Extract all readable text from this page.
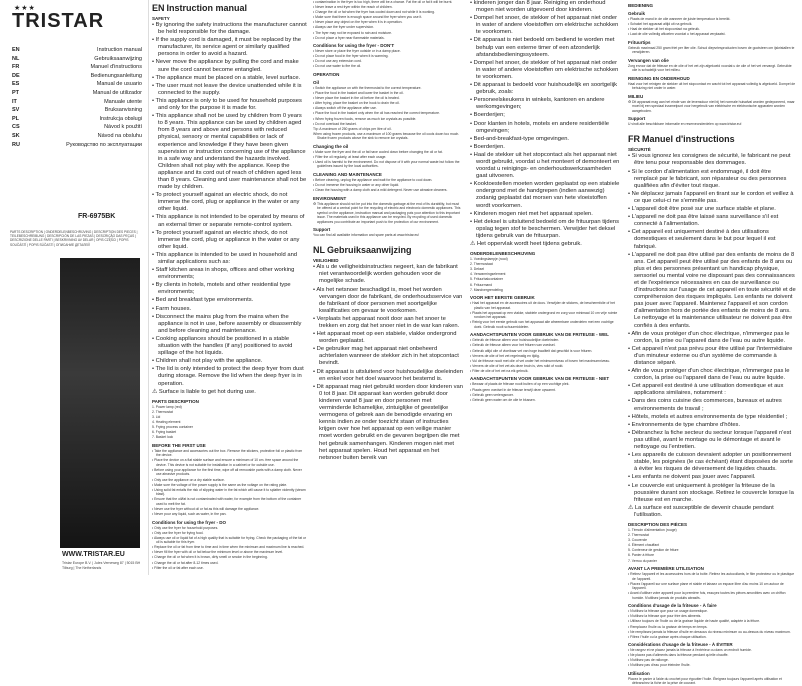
★★★
TRISTAR
EN	Instruction manual
NL	Gebruiksaanwijzing
FR	Manuel d'instructions
DE	Bedienungsanleitung
ES	Manual de usuario
PT	Manual de utilizador
IT	Manuale utente
SV	Bruksanvisning
PL	Instrukcja obsługi
CS	Návod k použití
SK	Návod na obsluhu
RU	Руководство по эксплуатации
FR-6975BK
PARTS DESCRIPTION | ONDERDELENBESCHRIJVING | DESCRIPTION DES PIECES | TEILEBESCHREIBUNG | DESCRIPCIÓN DE LAS PIEZAS | DESCRIÇÃO DAS PEÇAS | DESCRIZIONE DELLE PARTI | BESKRIVNING AV DELAR | OPIS CZĘŚCI | POPIS SOUČÁSTÍ | POPIS SÚČASTÍ | ОПИСАНИЕ ДЕТАЛЕЙ
WWW.TRISTAR.EU
Tristar Europe B.V. | Jules Verneweg 87 | 5015 BH Tilburg | The Netherlands
EN Instruction manual
SAFETY

• By ignoring the safety instructions the manufacturer cannot be held responsible for the damage.

• If the supply cord is damaged, it must be replaced by the manufacturer, its service agent or similarly qualified persons in order to avoid a hazard.

• Never move the appliance by pulling the cord and make sure the cord cannot become entangled.

• The appliance must be placed on a stable, level surface.

• The user must not leave the device unattended while it is connected to the supply.

• This appliance is only to be used for household purposes and only for the purpose it is made for.

• This appliance shall not be used by children from 0 years to 8 years. This appliance can be used by children aged from 8 years and above and persons with reduced physical, sensory or mental capabilities or lack of experience and knowledge if they have been given supervision or instruction concerning use of the appliance in a safe way and understand the hazards involved. Children shall not play with the appliance. Keep the appliance and its cord out of reach of children aged less than 8 years. Cleaning and user maintenance shall not be made by children.

• To protect yourself against an electric shock, do not immerse the cord, plug or appliance in the water or any other liquid.

• This appliance is not intended to be operated by means of an external timer or separate remote-control system.

• To protect yourself against an electric shock, do not immerse the cord, plug or appliance in the water or any other liquid.

• This appliance is intended to be used in household and similar applications such as:

• Staff kitchen areas in shops, offices and other working environments;

• By clients in hotels, motels and other residential type environments;

• Bed and breakfast type environments.

• Farm houses.

• Disconnect the mains plug from the mains when the appliance is not in use, before assembly or disassembly and before cleaning and maintenance.

• Cooking appliances should be positioned in a stable situation with the handles (if any) positioned to avoid spillage of the hot liquids.

• Children shall not play with the appliance.

• The lid is only intended to protect the deep fryer from dust during storage. Remove the lid when the deep fryer is in operation.

⚠ Surface is liable to get hot during use.

PARTS DESCRIPTION

1. Power lamp (red)

2. Thermostat

3. Lid

4. Heating element

5. Frying process container

6. Frying basket

7. Basket lock

BEFORE THE FIRST USE

• Take the appliance and accessories out the box. Remove the stickers, protective foil or plastic from the device.

• Place the device on a flat stable surface and ensure a minimum of 10 cm. free space around the device. This device is not suitable for installation in a cabinet or for outside use.

• Before using your appliance for the first time, wipe off all removable parts with a damp cloth. Never use abrasive products.

• Only use the appliance on a dry stable surface.

• Make sure the voltage of the power supply is the same as the voltage on the rating plate.

• Using solid fat entails the risk of slipping water in the fat which will cause it to splatter violently (steam blast).

• Ensure that the oil/fat is not contaminated with water, for example from the bottom of the container used to melt the fat.

• Never use the fryer without oil or fat as this will damage the appliance.

• Never pour any liquid, such as water, in the pan.

Conditions for using the fryer - DO

• Only use the fryer for household purposes.

• Only use the fryer for frying food.

• Always use oil or liquid fat of a high quality that is suitable for frying. Check the packaging of the fat or oil is suitable for this fryer.

• Replace the oil or fat from time to time and in time when the minimum and maximum line is reached.

• Never fill the fryer with oil or fat below the minimum level or above the maximum level.

• Change the oil or fat when it is brown, dirty smell or smoke in the beginning.

• Change the oil or fat after 8-12 times used.

• Filter the oil or fat after each use.

• contamination in the fryer is too high, there will be a chance. Fat the oil or fat it will be burnt.

• Never leave a rest fryer within the reach of children.

• Change the oil or fat when the fryer has cooled down and not while it is working.

• Make sure that there is enough space around the fryer when you use it.

• Never place any object on the fryer when it is in operation.

• Always use the fryer under supervision.

• The fryer may not be exposed to rain and moisture.

• Do not place a fryer near flammable materials.

Conditions for using the fryer - DON'T

• Never store or place the fryer outside or in a damp place.

• Do not place food in the fryer when it is warming.

• Do not use any extension cord.

• Do not use water to fire the oil.

OPERATION
Oil

• Switch the appliance on with the thermostat to the correct temperature.

• Place the food in the basket and lower the basket in the oil.

• Never place the basket in the oil before the oil is heated.

• After frying, place the basket on the hook to drain the oil.

• Always switch off the appliance after use.

• Place the food in the basket only when the oil has reached the correct temperature.

• When frying frozen foods, remove as much ice crystals as possible.

• Do not overload the basket.

Tip: A maximum of 250 grams of chips per litre of oil.

When using frozen products, use a maximum of 100 grams because the oil cools down too much. Shake frozen products above the sink to remove ice crystals.

Changing the oil

• Make sure the fryer and the oil or fat have cooled down before changing the oil or fat.

• Filter the oil regularly, at least after each usage.

• Used oil is harmful to the environment. Do not dispose of it with your normal waste but follow the guidelines issued by the local authorities.

CLEANING AND MAINTENANCE

• Before cleaning, unplug the appliance and wait for the appliance to cool down.

• Do not immerse the housing in water or any other liquid.

• Clean the housing with a damp cloth and a mild detergent. Never use abrasive cleaners.

ENVIRONMENT

♻ This appliance should not be put into the domestic garbage at the end of its durability, but must be offered at a central point for the recycling of electric and electronic domestic appliances. This symbol on the appliance, instruction manual and packaging puts your attention to this important issue. The materials used in this appliance can be recycled. By recycling of used domestic appliances you contribute an important push to the protection of our environment.

Support

You can find all available information and spare parts at www.tristar.eu!

NL Gebruiksaanwijzing
VEILIGHEID

• Als u de veiligheidsinstructies negeert, kan de fabrikant niet verantwoordelijk worden gehouden voor de mogelijke schade.

• Als het netsnoer beschadigd is, moet het worden vervangen door de fabrikant, de onderhoudsservice van de fabrikant of door personen met soortgelijke kwalificaties om gevaar te voorkomen.

• Verplaats het apparaat nooit door aan het snoer te trekken en zorg dat het snoer niet in de war kan raken.

• Het apparaat moet op een stabiele, vlakke ondergrond worden geplaatst.

• De gebruiker mag het apparaat niet onbeheerd achterlaten wanneer de stekker zich in het stopcontact bevindt.

• Dit apparaat is uitsluitend voor huishoudelijke doeleinden en enkel voor het doel waarvoor het bestemd is.

• Dit apparaat mag niet gebruikt worden door kinderen van 0 tot 8 jaar. Dit apparaat kan worden gebruikt door kinderen vanaf 8 jaar en door personen met verminderde lichamelijke, zintuiglijke of geestelijke vermogens of gebrek aan de benodigde ervaring en kennis indien ze onder toezicht staan of instructies krijgen over hoe het apparaat op een veilige manier moet worden gebruikt en de gevaren begrijpen die met het gebruik samenhangen. Kinderen mogen niet met het apparaat spelen. Houd het apparaat en het netsnoer buiten bereik van

• kinderen jonger dan 8 jaar. Reiniging en onderhoud mogen niet worden uitgevoerd door kinderen.

• Dompel het snoer, de stekker of het apparaat niet onder in water of andere vloeistoffen om elektrische schokken te voorkomen.

• Dit apparaat is niet bedoeld om bediend te worden met behulp van een externe timer of een afzonderlijk afstandsbedieningssysteem.

• Dompel het snoer, de stekker of het apparaat niet onder in water of andere vloeistoffen om elektrische schokken te voorkomen.

• Dit apparaat is bedoeld voor huishoudelijk en soortgelijk gebruik, zoals:

• Personeelskeukens in winkels, kantoren en andere werkomgevingen;

• Boerderijen;

• Door klanten in hotels, motels en andere residentiële omgevingen;

• Bed-and-breakfast-type omgevingen.

• Boerderijen.

• Haal de stekker uit het stopcontact als het apparaat niet wordt gebruikt, voordat u het monteert of demonteert en voordat u reinigings- en onderhoudswerkzaamheden gaat uitvoeren.

• Kooktoestellen moeten worden geplaatst op een stabiele ondergrond met de handgrepen (indien aanwezig) zodanig geplaatst dat morsen van hete vloeistoffen wordt voorkomen.

• Kinderen mogen niet met het apparaat spelen.

• Het deksel is uitsluitend bedoeld om de frituurpan tijdens opslag tegen stof te beschermen. Verwijder het deksel tijdens gebruik van de frituurpan.

⚠ Het oppervlak wordt heet tijdens gebruik.

ONDERDELENBESCHRIJVING

1. Voedingslampje (rood)

2. Thermostaat

3. Deksel

4. Verwarmingselement

5. Frituurbakcontainer

6. Frituurmand

7. Mandvergrendeling

VOOR HET EERSTE GEBRUIK

• Haal het apparaat en de accessoires uit de doos. Verwijder de stickers, de beschermfolie of het plastic van het apparaat.

• Plaats het apparaat op een vlakke, stabiele ondergrond en zorg voor minimaal 10 cm vrije ruimte rondom het apparaat.

• Reinig voor het eerste gebruik van het apparaat alle afneembare onderdelen met een vochtige doek. Gebruik nooit schuurmiddelen.

AANDACHTSPUNTEN VOOR GEBRUIK VAN DE FRITEUSE - WEL

• Gebruik de friteuse alleen voor huishoudelijke doeleinden.

• Gebruik de friteuse alleen voor het frituren van voedsel.

• Gebruik altijd olie of vloeibaar vet van hoge kwaliteit dat geschikt is voor frituren.

• Ververs de olie of het vet regelmatig en tijdig.

• Vul de friteuse nooit met olie of vet onder het minimumniveau of boven het maximumniveau.

• Ververs de olie of het vet als deze bruin is, vies ruikt of rookt.

• Filter de olie of het vet na elk gebruik.

AANDACHTSPUNTEN VOOR GEBRUIK VAN DE FRITEUSE - NIET

• Bewaar of plaats de friteuse nooit buiten of op een vochtige plek.

• Plaats geen voedsel in de friteuse terwijl deze opwarmt.

• Gebruik geen verlengsnoer.

• Gebruik geen water om de olie te blussen.

BEDIENING
Gebruik

• Plaats de mand in de olie wanneer de juiste temperatuur is bereikt.

• Schakel het apparaat altijd uit na gebruik.

• Haal de stekker uit het stopcontact na gebruik.

• Laat de olie volledig afkoelen voordat u het apparaat verplaatst.

Frituurtips

Gebruik maximaal 250 gram friet per liter olie. Schud diepvriesproducten boven de gootsteen om ijskristallen te verwijderen.

Vervangen van olie

Zorg ervoor dat de friteuse en de olie of het vet zijn afgekoeld voordat u de olie of het vet vervangt. Gebruikte olie is schadelijk voor het milieu.

REINIGING EN ONDERHOUD

Haal voor het reinigen de stekker uit het stopcontact en wacht tot het apparaat volledig is afgekoeld. Dompel de behuizing niet onder in water.

MILIEU

♻ Dit apparaat mag aan het einde van de levensduur niet bij het normale huisafval worden gedeponeerd, maar moet bij een speciaal inzamelpunt voor hergebruik van elektrische en elektronische apparaten worden aangeboden.

Support

U vindt alle beschikbare informatie en reserveonderdelen op www.tristar.eu!

FR Manuel d'instructions
SÉCURITÉ

• Si vous ignorez les consignes de sécurité, le fabricant ne peut être tenu pour responsable des dommages.

• Si le cordon d'alimentation est endommagé, il doit être remplacé par le fabricant, son réparateur ou des personnes qualifiées afin d'éviter tout risque.

• Ne déplacez jamais l'appareil en tirant sur le cordon et veillez à ce que celui-ci ne s'emmêle pas.

• L'appareil doit être posé sur une surface stable et plane.

• L'appareil ne doit pas être laissé sans surveillance s'il est connecté à l'alimentation.

• Cet appareil est uniquement destiné à des utilisations domestiques et seulement dans le but pour lequel il est fabriqué.

• L'appareil ne doit pas être utilisé par des enfants de moins de 8 ans. Cet appareil peut être utilisé par des enfants de 8 ans ou plus et des personnes présentant un handicap physique, sensoriel ou mental voire ne disposant pas des connaissances et de l'expérience nécessaires en cas de surveillance ou d'instructions sur l'usage de cet appareil en toute sécurité et de compréhension des risques impliqués. Les enfants ne doivent pas jouer avec l'appareil. Maintenez l'appareil et son cordon d'alimentation hors de portée des enfants de moins de 8 ans. Le nettoyage et la maintenance utilisateur ne doivent pas être confiés à des enfants.

• Afin de vous protéger d'un choc électrique, n'immergez pas le cordon, la prise ou l'appareil dans de l'eau ou autre liquide.

• Cet appareil n'est pas prévu pour être utilisé par l'intermédiaire d'un minuteur externe ou d'un système de commande à distance séparé.

• Afin de vous protéger d'un choc électrique, n'immergez pas le cordon, la prise ou l'appareil dans de l'eau ou autre liquide.

• Cet appareil est destiné à une utilisation domestique et aux applications similaires, notamment :

• Dans des coins cuisine des commerces, bureaux et autres environnements de travail ;

• Hôtels, motels et autres environnements de type résidentiel ;

• Environnements de type chambre d'hôtes.

• Débranchez la fiche secteur du secteur lorsque l'appareil n'est pas utilisé, avant le montage ou le démontage et avant le nettoyage ou l'entretien.

• Les appareils de cuisson devraient adopter un positionnement stable, les poignées (le cas échéant) étant disposées de sorte à éviter les risques de déversement de liquides chauds.

• Les enfants ne doivent pas jouer avec l'appareil.

• Le couvercle est uniquement à protéger la friteuse de la poussière durant son stockage. Retirez le couvercle lorsque la friteuse est en marche.

⚠ La surface est susceptible de devenir chaude pendant l'utilisation.

DESCRIPTION DES PIÈCES

1. Témoin d'alimentation (rouge)

2. Thermostat

3. Couvercle

4. Élément chauffant

5. Conteneur de gestion de friture

6. Panier à friture

7. Verrou du panier

AVANT LA PREMIÈRE UTILISATION

• Retirez l'appareil et les accessoires hors de la boîte. Retirez les autocollants, le film protecteur ou le plastique de l'appareil.

• Placez l'appareil sur une surface plane et stable et laissez un espace libre d'au moins 10 cm autour de l'appareil.

• Avant d'utiliser votre appareil pour la première fois, essuyez toutes les pièces amovibles avec un chiffon humide. N'utilisez jamais de produits abrasifs.

Conditions d'usage de la friteuse - À faire

• N'utilisez la friteuse que pour un usage domestique.

• N'utilisez la friteuse que pour frire des aliments.

• Utilisez toujours de l'huile ou de la graisse liquide de haute qualité, adaptée à la friture.

• Remplacez l'huile ou la graisse de temps en temps.

• Ne remplissez jamais la friteuse d'huile en dessous du niveau minimum ou au-dessus du niveau maximum.

• Filtrez l'huile ou la graisse après chaque utilisation.

Considérations d'usage de la friteuse - À ÉVITER

• Ne rangez et ne placez jamais la friteuse à l'extérieur ou dans un endroit humide.

• Ne placez pas d'aliments dans la friteuse pendant qu'elle chauffe.

• N'utilisez pas de rallonge.

• N'utilisez pas d'eau pour éteindre l'huile.

Utilisation

Placez le panier à l'aide du crochet pour égoutter l'huile. Éteignez toujours l'appareil après utilisation et débranchez la fiche de la prise de courant.
